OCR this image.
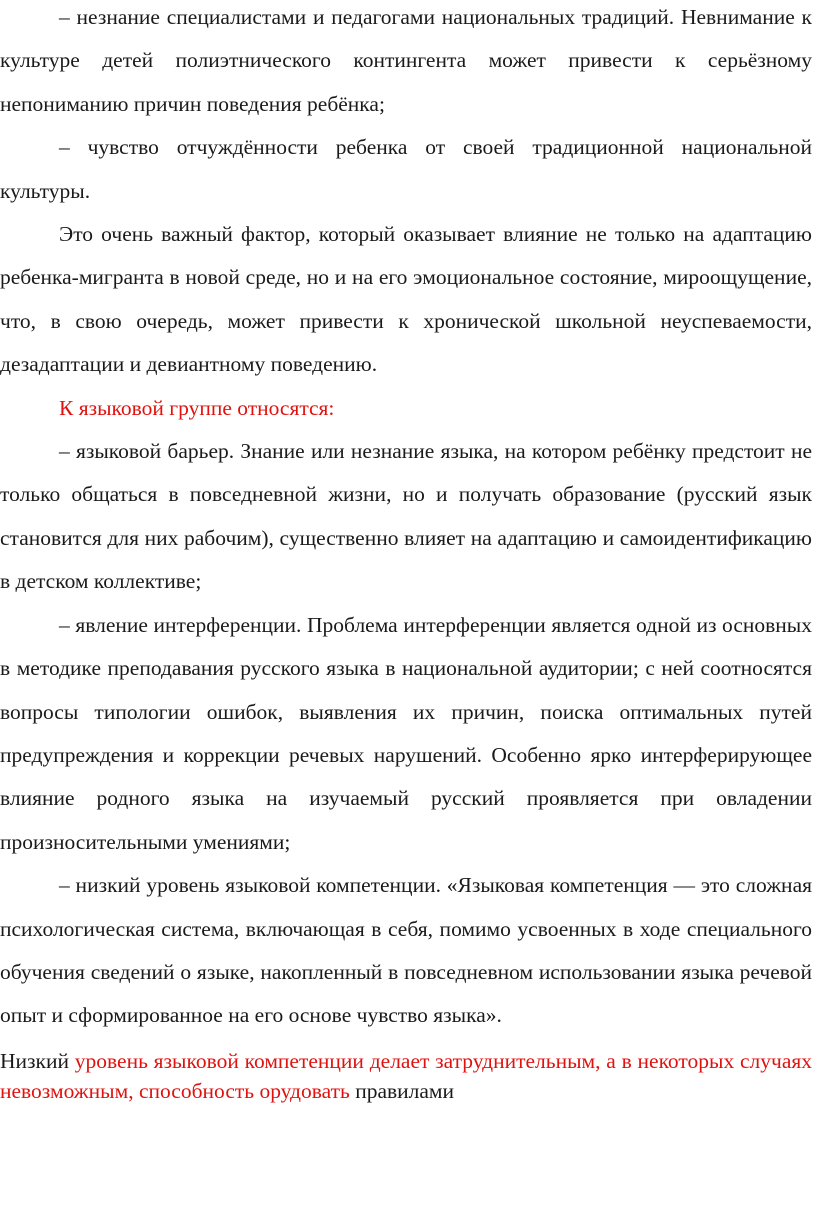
– незнание специалистами и педагогами национальных традиций. Невнимание к культуре детей полиэтнического контингента может привести к серьёзному непониманию причин поведения ребёнка;

– чувство отчуждённости ребенка от своей традиционной национальной культуры.

Это очень важный фактор, который оказывает влияние не только на адаптацию ребенка-мигранта в новой среде, но и на его эмоциональное состояние, мироощущение, что, в свою очередь, может привести к хронической школьной неуспеваемости, дезадаптации и девиантному поведению.

К языковой группе относятся:

– языковой барьер. Знание или незнание языка, на котором ребёнку предстоит не только общаться в повседневной жизни, но и получать образование (русский язык становится для них рабочим), существенно влияет на адаптацию и самоидентификацию в детском коллективе;

– явление интерференции. Проблема интерференции является одной из основных в методике преподавания русского языка в национальной аудитории; с ней соотносятся вопросы типологии ошибок, выявления их причин, поиска оптимальных путей предупреждения и коррекции речевых нарушений. Особенно ярко интерферирующее влияние родного языка на изучаемый русский проявляется при овладении произносительными умениями;

– низкий уровень языковой компетенции. «Языковая компетенция — это сложная психологическая система, включающая в себя, помимо усвоенных в ходе специального обучения сведений о языке, накопленный в повседневном использовании языка речевой опыт и сформированное на его основе чувство языка».

Низкий уровень языковой компетенции делает затруднительным, а в некоторых случаях невозможным, способность орудовать правилами
